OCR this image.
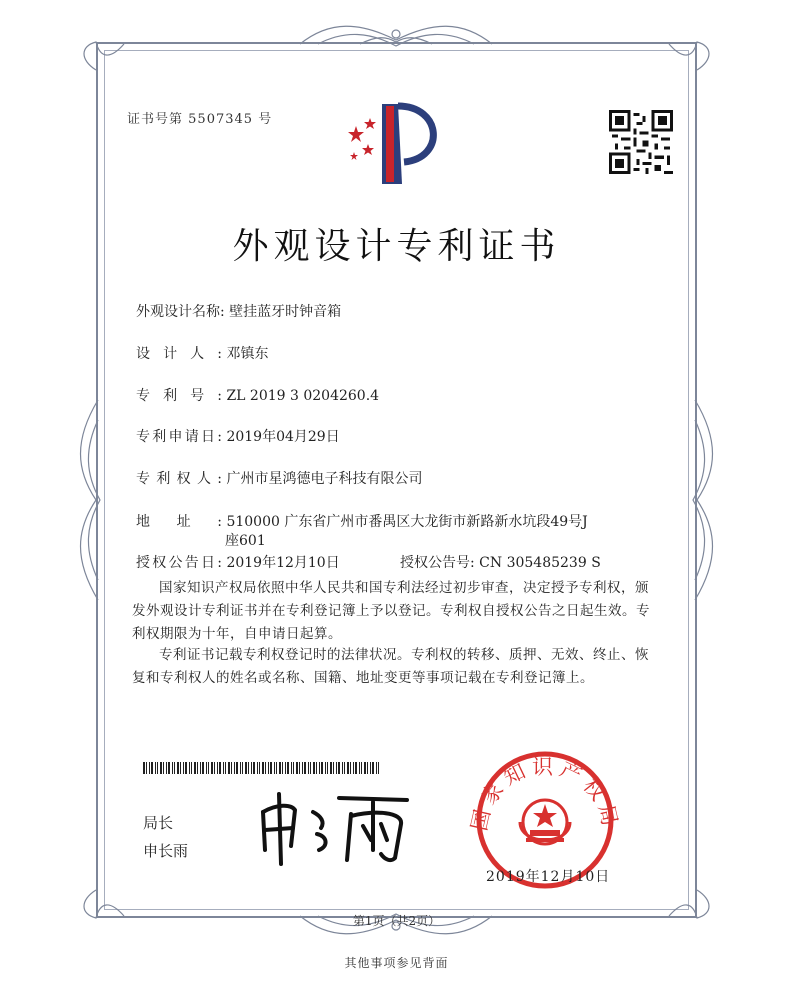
证书号第 5507345 号
外观设计专利证书
外观设计名称: 壁挂蓝牙时钟音箱
设计人: 邓镇东
专利号: ZL 2019 3 0204260.4
专利申请日: 2019年04月29日
专利权人: 广州市星鸿德电子科技有限公司
地址: 510000 广东省广州市番禺区大龙街市新路新水坑段49号J
座601
授权公告日: 2019年12月10日	授权公告号: CN 305485239 S
国家知识产权局依照中华人民共和国专利法经过初步审查，决定授予专利权，颁发外观设计专利证书并在专利登记簿上予以登记。专利权自授权公告之日起生效。专利权期限为十年，自申请日起算。
专利证书记载专利权登记时的法律状况。专利权的转移、质押、无效、终止、恢复和专利权人的姓名或名称、国籍、地址变更等事项记载在专利登记簿上。
局长
申长雨
国家知识产权局
2019年12月10日
第1页（共2页）
其他事项参见背面
